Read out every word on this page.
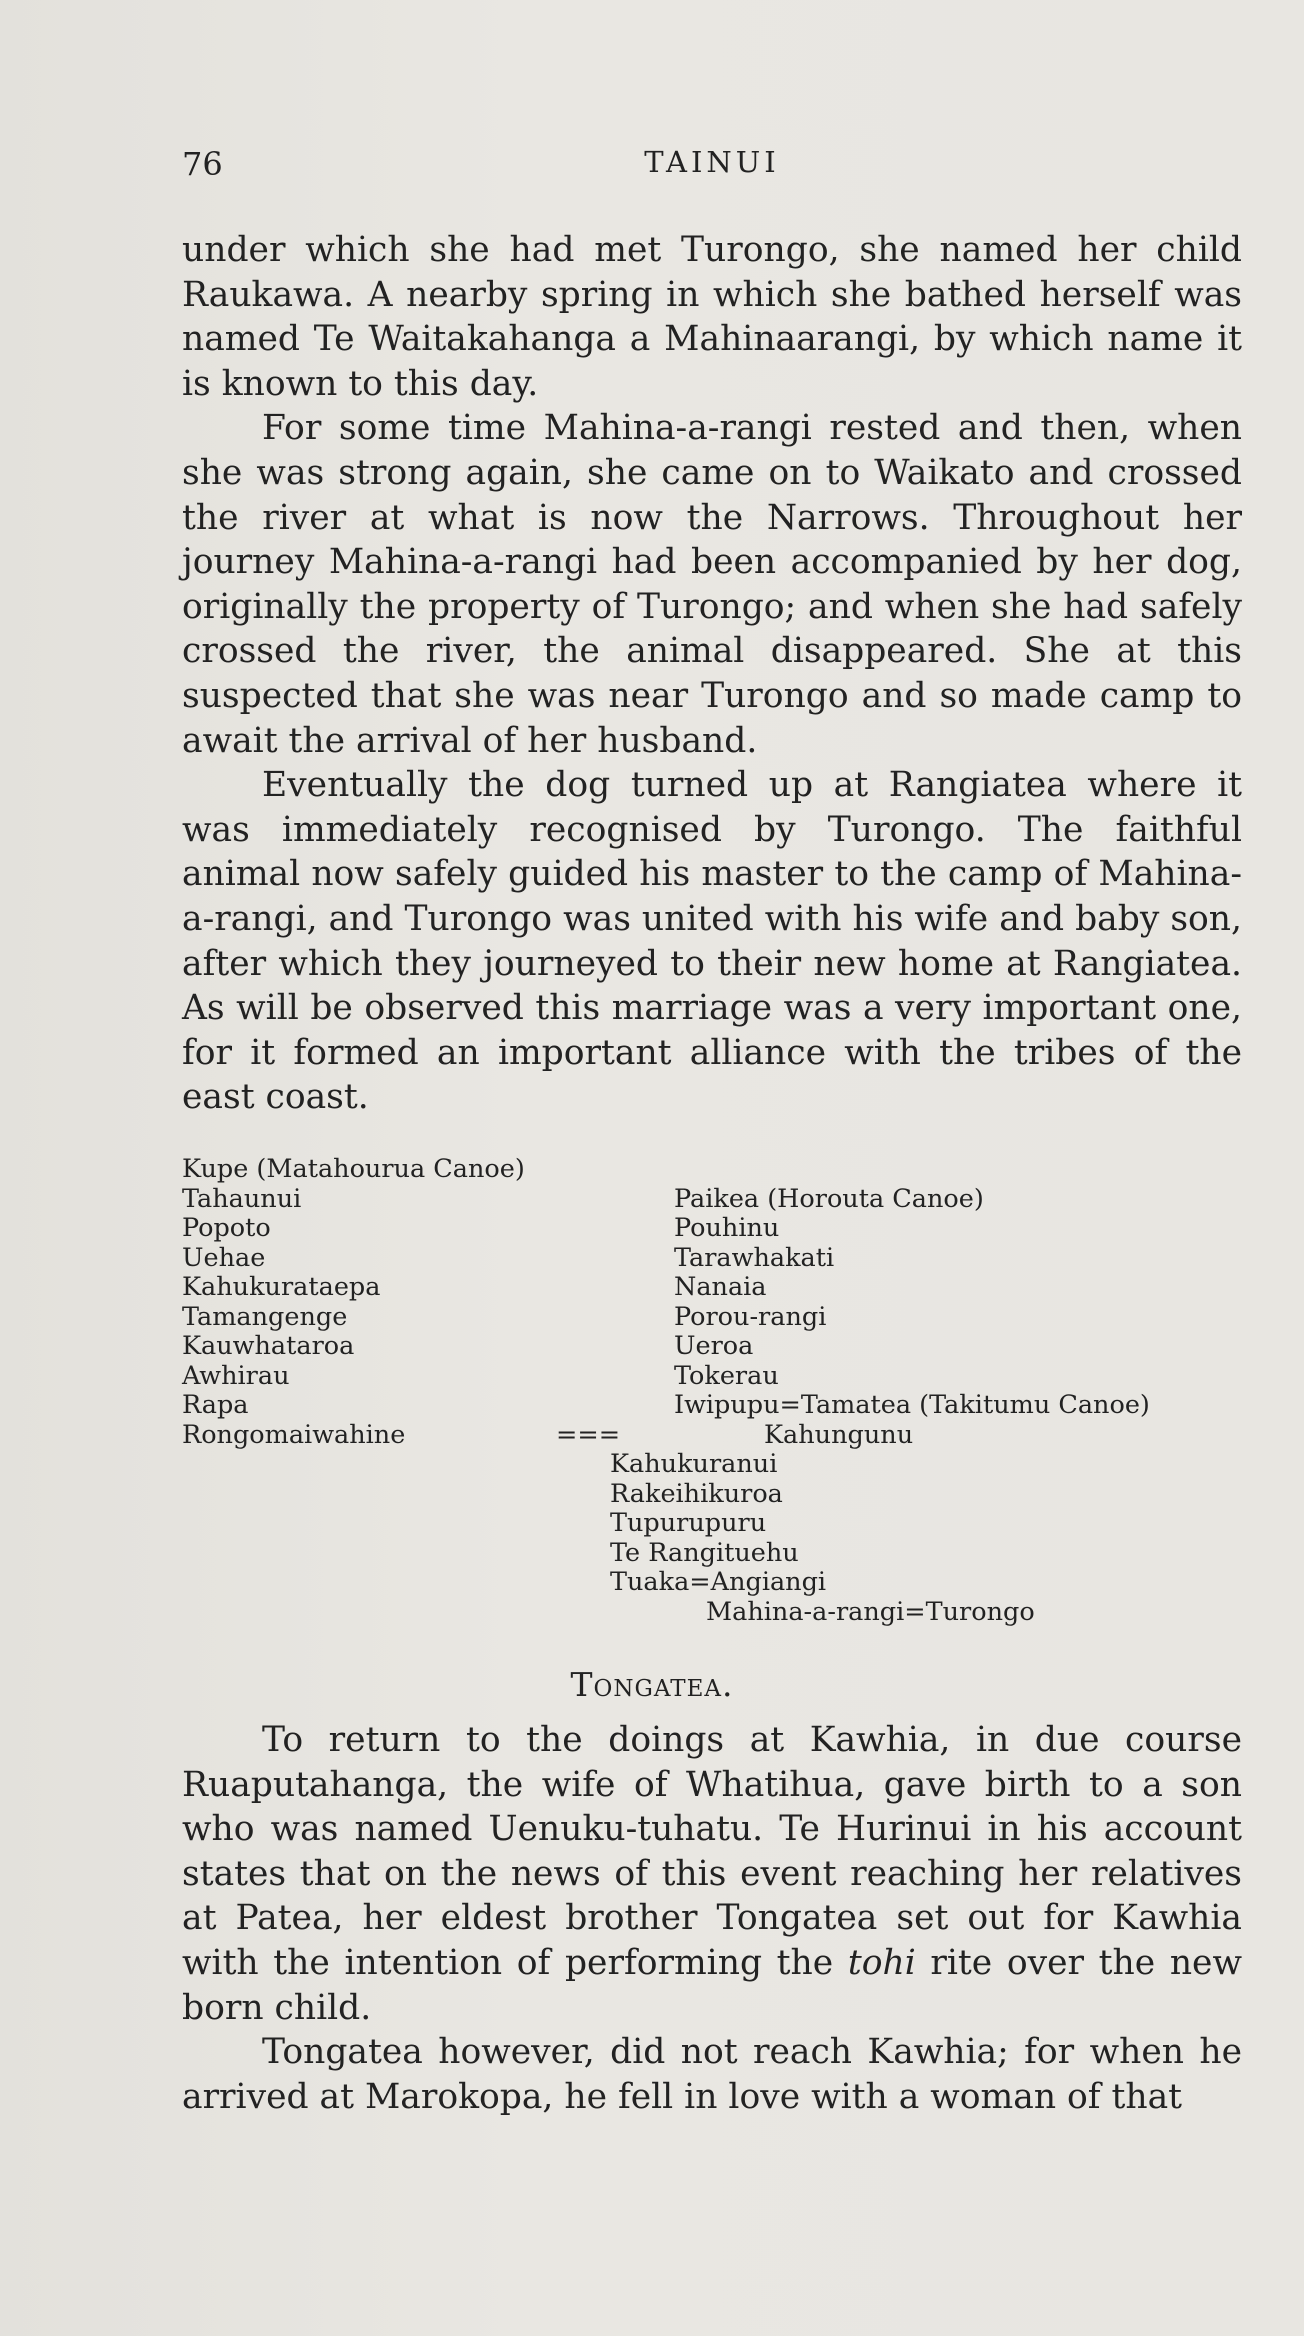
76	TAINUI

under which she had met Turongo, she named her child Raukawa. A nearby spring in which she bathed herself was named Te Waitakahanga a Mahinaarangi, by which name it is known to this day.

For some time Mahina-a-rangi rested and then, when she was strong again, she came on to Waikato and crossed the river at what is now the Narrows. Throughout her journey Mahina-a-rangi had been accompanied by her dog, originally the property of Turongo; and when she had safely crossed the river, the animal disappeared. She at this suspected that she was near Turongo and so made camp to await the arrival of her husband.

Eventually the dog turned up at Rangiatea where it was immediately recognised by Turongo. The faithful animal now safely guided his master to the camp of Mahina-a-rangi, and Turongo was united with his wife and baby son, after which they journeyed to their new home at Rangiatea. As will be observed this marriage was a very important one, for it formed an important alliance with the tribes of the east coast.

Kupe (Matahourua Canoe)
Tahaunui
Popoto
Uehae
Kahukurataepa
Tamangenge
Kauwhataroa
Awhirau
Rapa
Rongomaiwahine
Paikea (Horouta Canoe)
Pouhinu
Tarawhakati
Nanaia
Porou-rangi
Ueroa
Tokerau
Iwipupu=Tamatea (Takitumu Canoe)
===	Kahungunu
Kahukuranui
Rakeihikuroa
Tupurupuru
Te Rangituehu
Tuaka=Angiangi
Mahina-a-rangi=Turongo
Tongatea.

To return to the doings at Kawhia, in due course Ruaputahanga, the wife of Whatihua, gave birth to a son who was named Uenuku-tuhatu. Te Hurinui in his account states that on the news of this event reaching her relatives at Patea, her eldest brother Tongatea set out for Kawhia with the intention of performing the tohi rite over the new born child.

Tongatea however, did not reach Kawhia; for when he arrived at Marokopa, he fell in love with a woman of that
